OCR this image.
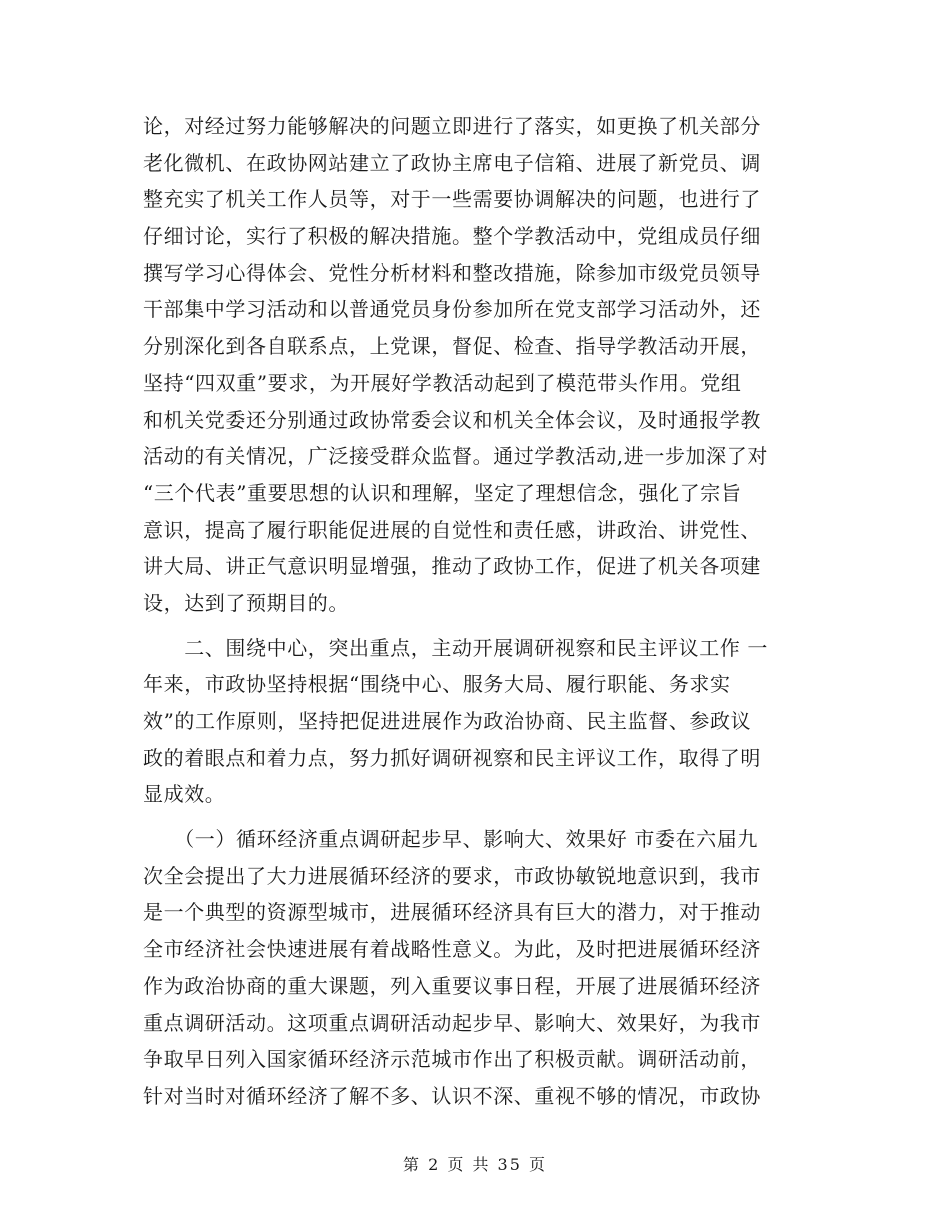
论，对经过努力能够解决的问题立即进行了落实，如更换了机关部分
老化微机、在政协网站建立了政协主席电子信箱、进展了新党员、调
整充实了机关工作人员等，对于一些需要协调解决的问题，也进行了
仔细讨论，实行了积极的解决措施。整个学教活动中，党组成员仔细
撰写学习心得体会、党性分析材料和整改措施，除参加市级党员领导
干部集中学习活动和以普通党员身份参加所在党支部学习活动外，还
分别深化到各自联系点，上党课，督促、检查、指导学教活动开展，
坚持“四双重”要求，为开展好学教活动起到了模范带头作用。党组
和机关党委还分别通过政协常委会议和机关全体会议，及时通报学教
活动的有关情况，广泛接受群众监督。通过学教活动,进一步加深了对
“三个代表”重要思想的认识和理解，坚定了理想信念，强化了宗旨
意识，提高了履行职能促进展的自觉性和责任感，讲政治、讲党性、
讲大局、讲正气意识明显增强，推动了政协工作，促进了机关各项建
设，达到了预期目的。
　　二、围绕中心，突出重点，主动开展调研视察和民主评议工作 一
年来，市政协坚持根据“围绕中心、服务大局、履行职能、务求实
效”的工作原则，坚持把促进进展作为政治协商、民主监督、参政议
政的着眼点和着力点，努力抓好调研视察和民主评议工作，取得了明
显成效。
　　（一）循环经济重点调研起步早、影响大、效果好 市委在六届九
次全会提出了大力进展循环经济的要求，市政协敏锐地意识到，我市
是一个典型的资源型城市，进展循环经济具有巨大的潜力，对于推动
全市经济社会快速进展有着战略性意义。为此，及时把进展循环经济
作为政治协商的重大课题，列入重要议事日程，开展了进展循环经济
重点调研活动。这项重点调研活动起步早、影响大、效果好，为我市
争取早日列入国家循环经济示范城市作出了积极贡献。调研活动前，
针对当时对循环经济了解不多、认识不深、重视不够的情况，市政协
第 2 页 共 35 页
